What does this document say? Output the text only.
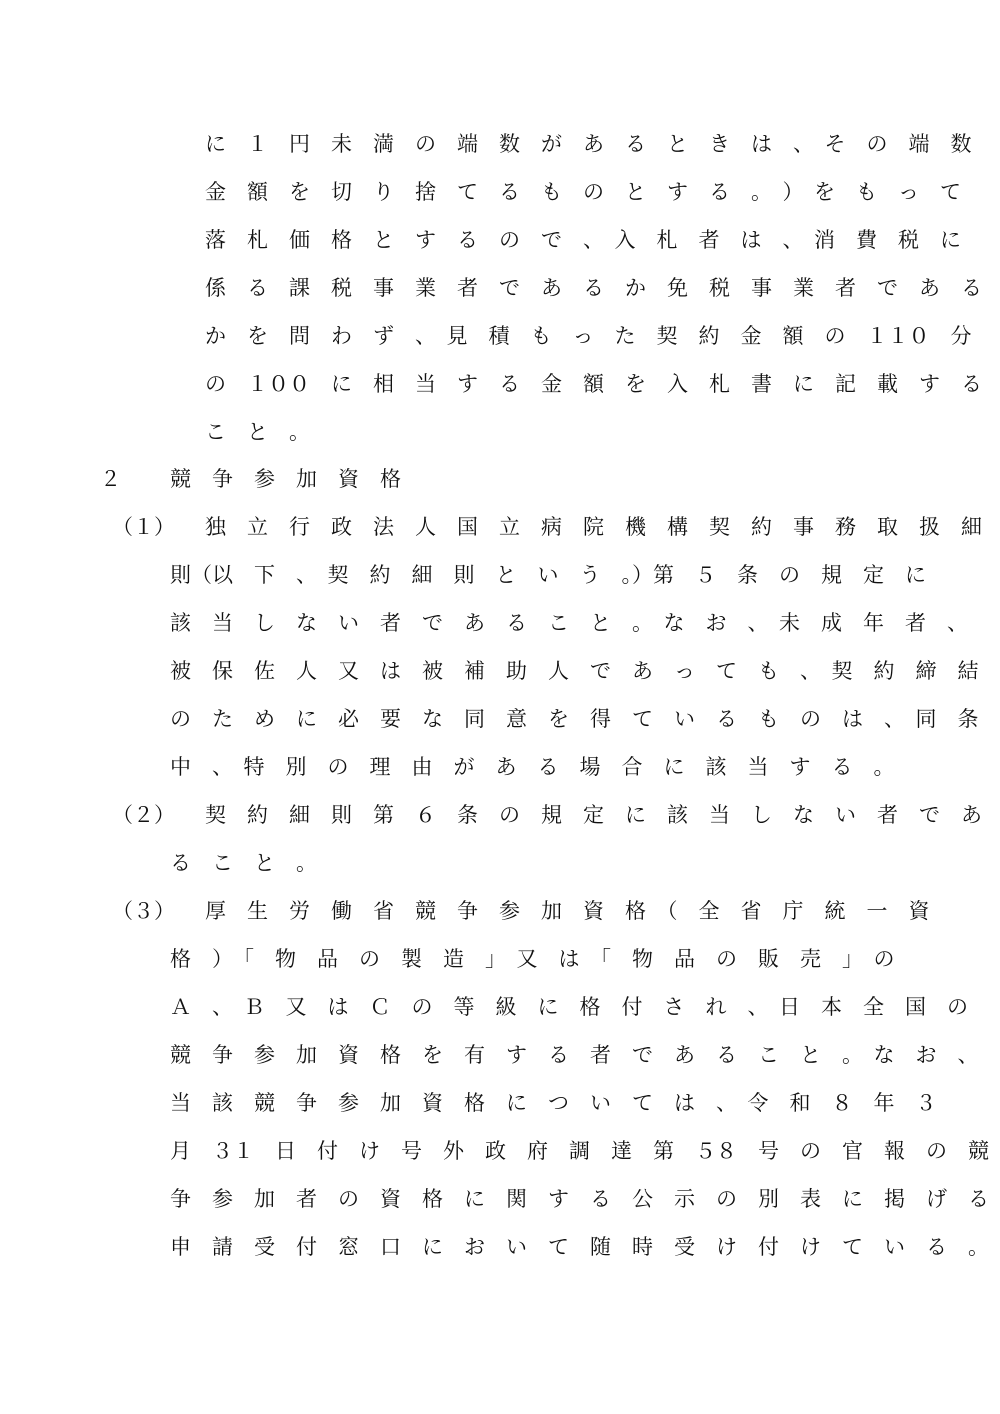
に　１　円　未　満　の　端　数　が　あ　る　と　き　は　、　そ　の　端　数
金　額　を　切　り　捨　て　る　も　の　と　す　る　。　）　を　も　っ　て
落　札　価　格　と　す　る　の　で　、　入　札　者　は　、　消　費　税　に
係　る　課　税　事　業　者　で　あ　る　か　免　税　事　業　者　で　あ　る
か　を　問　わ　ず　、　見　積　も　っ　た　契　約　金　額　の　１１０　分
の　１００　に　相　当　す　る　金　額　を　入　札　書　に　記　載　す　る
こ　と　。
２ 競　争　参　加　資　格
（１） 独　立　行　政　法　人　国　立　病　院　機　構　契　約　事　務　取　扱　細
則（以　下　、　契　約　細　則　と　い　う　。）第　５　条　の　規　定　に
該　当　し　な　い　者　で　あ　る　こ　と　。　な　お　、　未　成　年　者　、
被　保　佐　人　又　は　被　補　助　人　で　あ　っ　て　も　、　契　約　締　結
の　た　め　に　必　要　な　同　意　を　得　て　い　る　も　の　は　、　同　条
中　、　特　別　の　理　由　が　あ　る　場　合　に　該　当　す　る　。
（２） 契　約　細　則　第　６　条　の　規　定　に　該　当　し　な　い　者　で　あ
る　こ　と　。
（３） 厚　生　労　働　省　競　争　参　加　資　格　（　全　省　庁　統　一　資
格　）　「　物　品　の　製　造　」　又　は　「　物　品　の　販　売　」　の
Ａ　、　Ｂ　又　は　Ｃ　の　等　級　に　格　付　さ　れ　、　日　本　全　国　の
競　争　参　加　資　格　を　有　す　る　者　で　あ　る　こ　と　。　な　お　、
当　該　競　争　参　加　資　格　に　つ　い　て　は　、　令　和　８　年　３
月　３１　日　付　け　号　外　政　府　調　達　第　５８　号　の　官　報　の　競
争　参　加　者　の　資　格　に　関　す　る　公　示　の　別　表　に　掲　げ　る
申　請　受　付　窓　口　に　お　い　て　随　時　受　け　付　け　て　い　る　。
